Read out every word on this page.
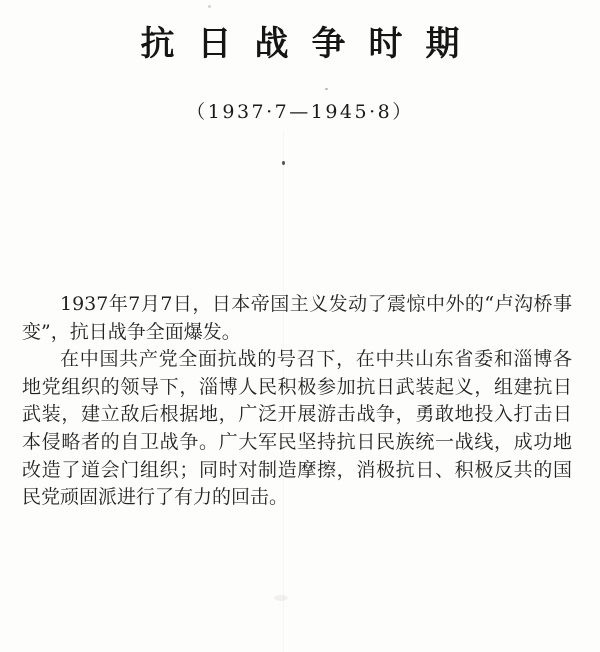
抗日战争时期
（1937·7—1945·8）

1937年7月7日，日本帝国主义发动了震惊中外的“卢沟桥事变”，抗日战争全面爆发。

在中国共产党全面抗战的号召下，在中共山东省委和淄博各地党组织的领导下，淄博人民积极参加抗日武装起义，组建抗日武装，建立敌后根据地，广泛开展游击战争，勇敢地投入打击日本侵略者的自卫战争。广大军民坚持抗日民族统一战线，成功地改造了道会门组织；同时对制造摩擦，消极抗日、积极反共的国民党顽固派进行了有力的回击。
